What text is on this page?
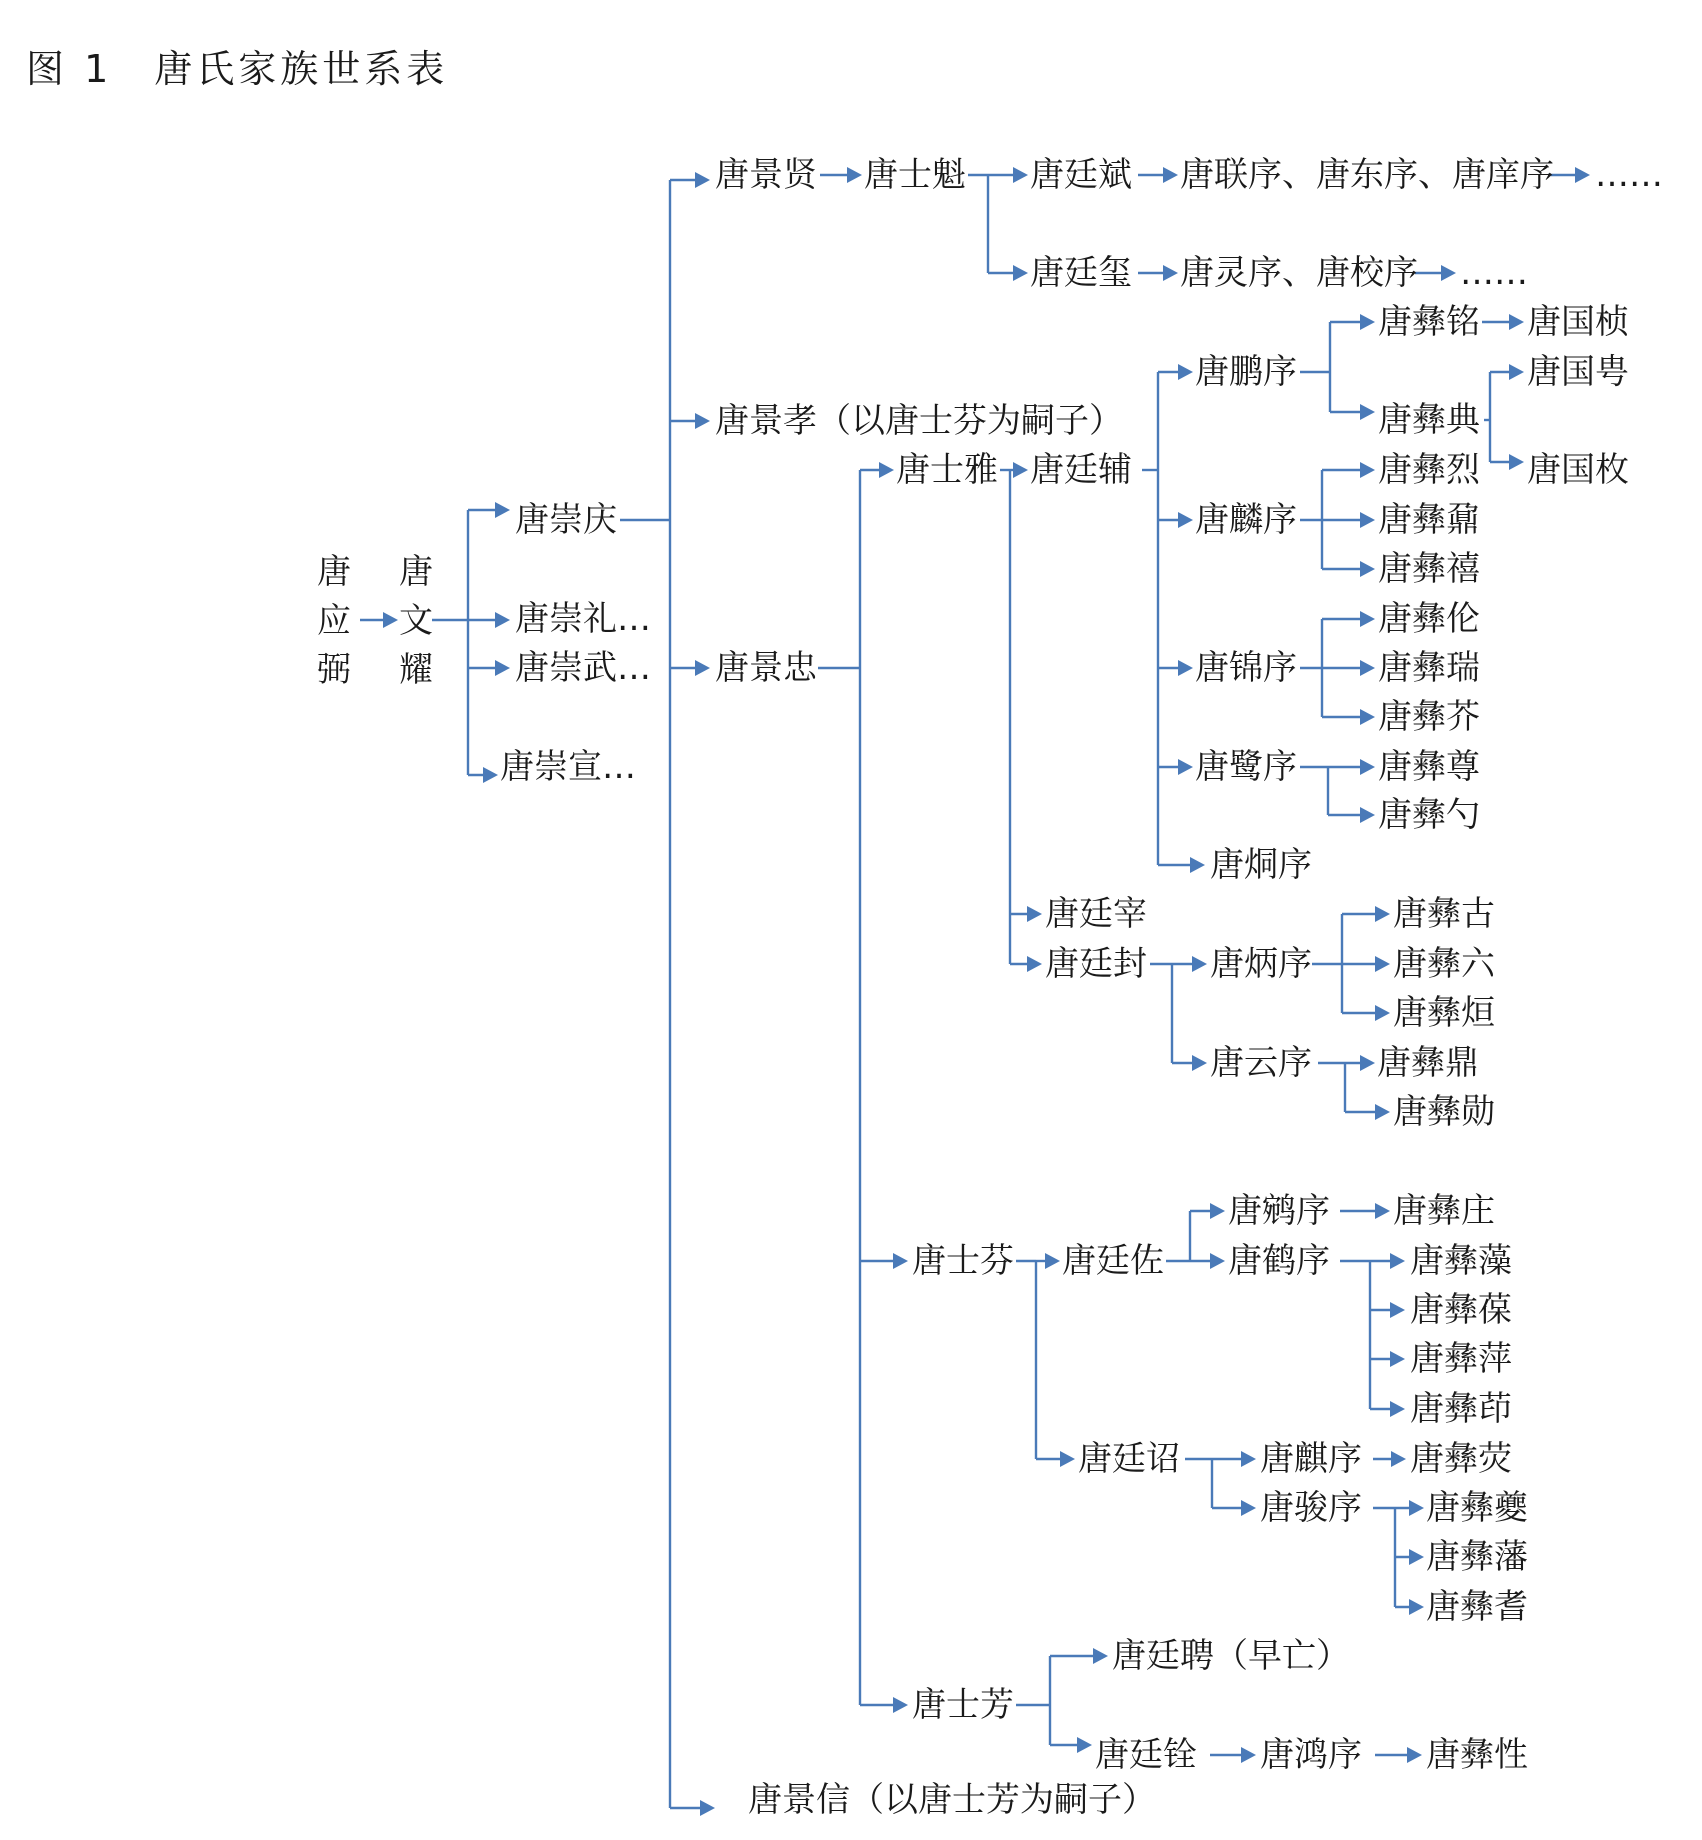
图 1　唐氏家族世系表
唐崇庆
唐崇礼…
唐崇武…
唐崇宣…
唐景贤
唐景孝（以唐士芬为嗣子）
唐景忠
唐景信（以唐士芳为嗣子）
唐士魁 唐廷斌 唐联序、唐东序、唐庠序 ……
唐廷玺 唐灵序、唐校序 ……
唐士雅 唐廷辅
唐鹏序
唐彝铭 唐国桢
唐彝典
唐国甹
唐国枚
唐麟序
唐彝烈
唐彝鼐
唐彝禧
唐锦序
唐彝伦
唐彝瑞
唐彝芥
唐鹭序 唐彝尊
唐彝勺
唐烔序
唐廷宰
唐廷封 唐炳序
唐彝古
唐彝六
唐彝烜
唐云序 唐彝鼎
唐彝勋
唐士芬 唐廷佐
唐鹓序 唐彝庄
唐鹤序 唐彝藻
唐彝葆
唐彝萍
唐彝茚
唐廷诏 唐麒序 唐彝荧
唐骏序 唐彝夔
唐彝藩
唐彝耆
唐士芳
唐廷聘（早亡）
唐廷铨 唐鸿序 唐彝性
唐应弼
唐文耀
